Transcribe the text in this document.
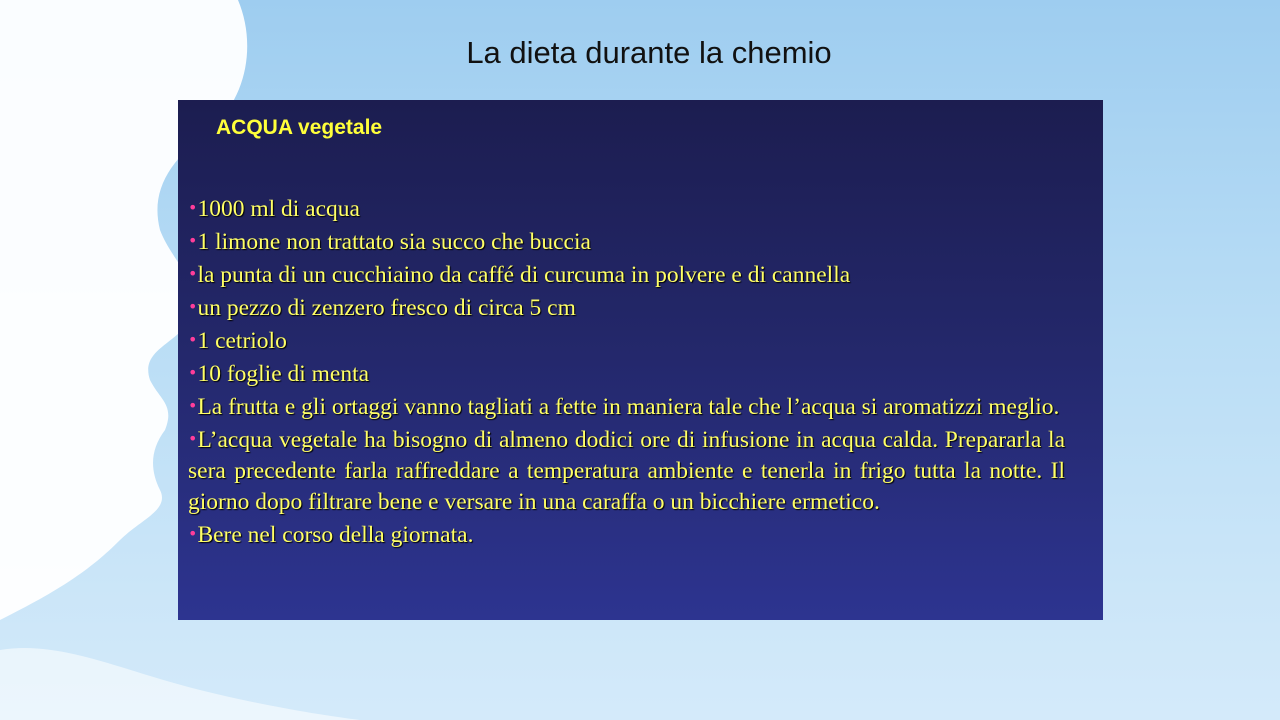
La dieta durante la chemio
ACQUA vegetale
•1000 ml di acqua
•1 limone non trattato sia succo che buccia
•la punta di un cucchiaino da caffé di curcuma in polvere e di cannella
•un pezzo di zenzero fresco di circa 5 cm
•1 cetriolo
•10 foglie di menta
•La frutta e gli ortaggi vanno tagliati a fette in maniera tale che l’acqua si aromatizzi meglio.
•L’acqua vegetale ha bisogno di almeno dodici ore di infusione in acqua calda. Prepararla la sera precedente farla raffreddare a temperatura ambiente e tenerla in frigo tutta la notte. Il giorno dopo filtrare bene e versare in una caraffa o un bicchiere ermetico.
•Bere nel corso della giornata.
